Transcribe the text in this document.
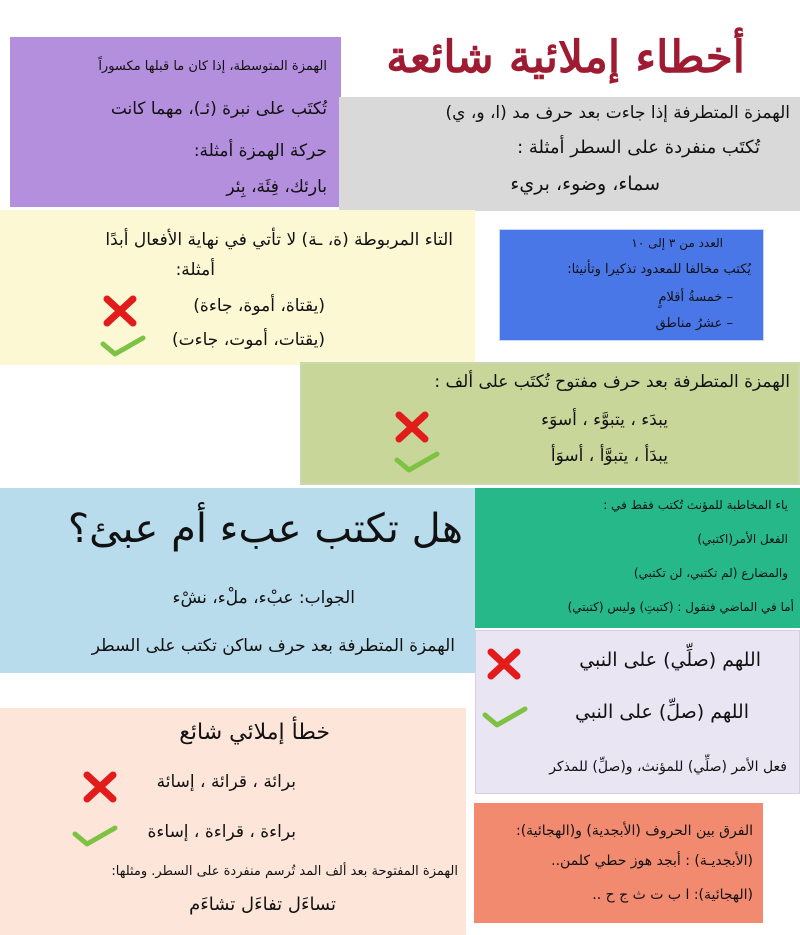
أخطاء إملائية شائعة
الهمزة المتوسطة، إذا كان ما قبلها مكسوراً
تُكتَب على نبرة (ئـ)، مهما كانت
حركة الهمزة أمثلة:
بارئك، فِئَة، بِئر
الهمزة المتطرفة إذا جاءت بعد حرف مد (ا، و، ي)
تُكتَب منفردة على السطر أمثلة :
سماء، وضوء، بريء
التاء المربوطة (ة، ـة) لا تأتي في نهاية الأفعال أبدًا
أمثلة:
(يقتاة، أموة، جاءة)
(يقتات، أموت، جاءت)
العدد من ٣ إلى ١٠
يُكتب مخالفا للمعدود تذكيرا وتأنيثا:
– خمسةُ أقلامٍ
– عشرُ مناطق
الهمزة المتطرفة بعد حرف مفتوح تُكتَب على ألف :
يبدَء ، يتبوَّء ، أسوَء
يبدَأ ، يتبوَّأ ، أسوَأ
هل تكتب عبء أم عبئ؟
الجواب: عبْء، ملْء، نشْء
الهمزة المتطرفة بعد حرف ساكن تكتب على السطر
ياء المخاطبة للمؤنث تُكتب فقط في :
الفعل الأمر(اكتبي)
والمضارع (لم تكتبي، لن تكتبي)
أما في الماضي فنقول : (كتبتِ) وليس (كتبتي)
اللهم (صلِّي) على النبي
اللهم (صلِّ) على النبي
فعل الأمر (صلِّي) للمؤنث، و(صلِّ) للمذكر
خطأ إملائي شائع
برائة ، قرائة ، إسائة
براءة ، قراءة ، إساءة
الهمزة المفتوحة بعد ألف المد تُرسم منفردة على السطر. ومثلها:
تساءَل تفاءَل تشاءَم
الفرق بين الحروف (الأبجدية) و(الهجائية):
(الأبجديـة) : أبجد هوز حطي كلمن..
(الهجائية): ا ب ت ث ج ح ..
